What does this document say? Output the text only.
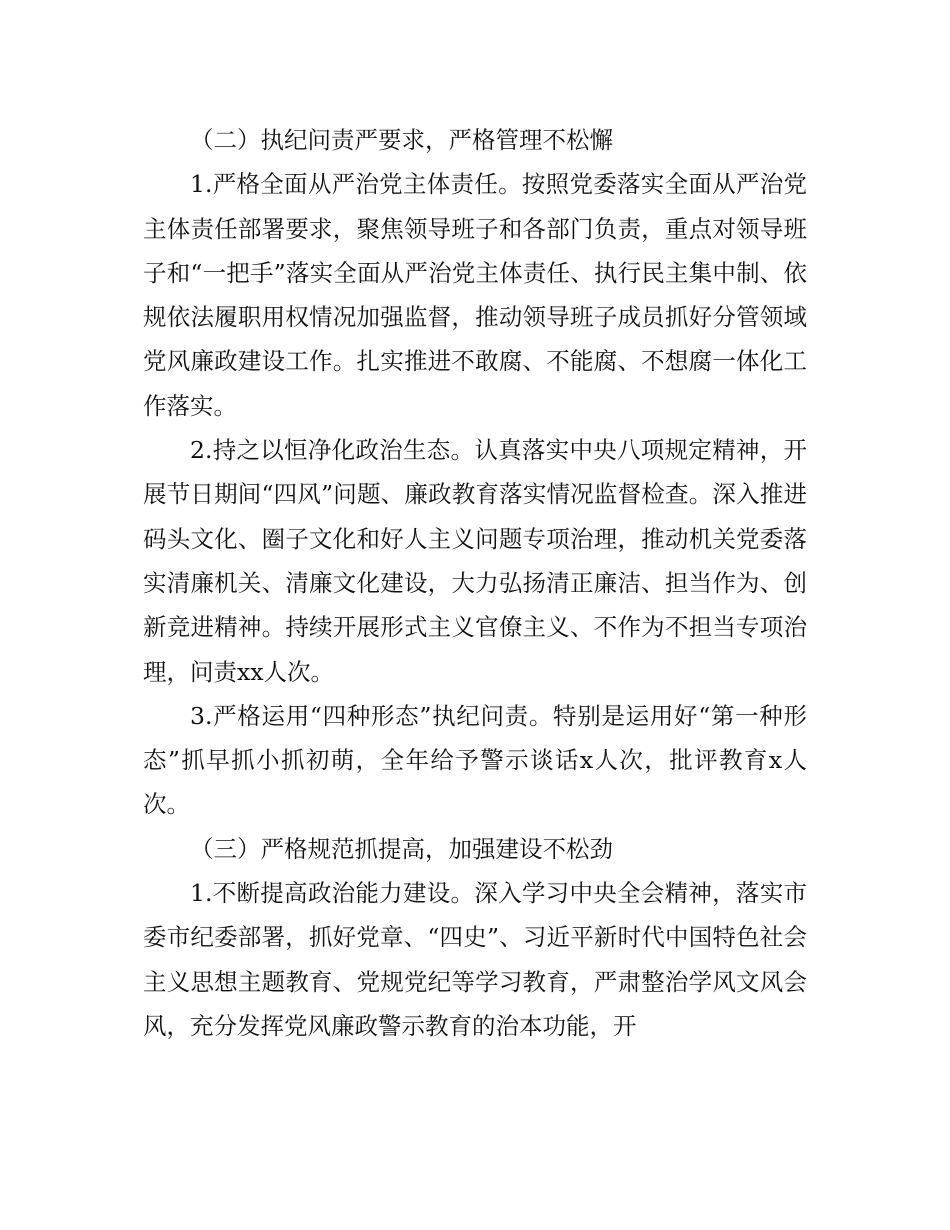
（二）执纪问责严要求，严格管理不松懈

1.严格全面从严治党主体责任。按照党委落实全面从严治党主体责任部署要求，聚焦领导班子和各部门负责，重点对领导班子和“一把手”落实全面从严治党主体责任、执行民主集中制、依规依法履职用权情况加强监督，推动领导班子成员抓好分管领域党风廉政建设工作。扎实推进不敢腐、不能腐、不想腐一体化工作落实。

2.持之以恒净化政治生态。认真落实中央八项规定精神，开展节日期间“四风”问题、廉政教育落实情况监督检查。深入推进码头文化、圈子文化和好人主义问题专项治理，推动机关党委落实清廉机关、清廉文化建设，大力弘扬清正廉洁、担当作为、创新竞进精神。持续开展形式主义官僚主义、不作为不担当专项治理，问责xx人次。

3.严格运用“四种形态”执纪问责。特别是运用好“第一种形态”抓早抓小抓初萌，全年给予警示谈话x人次，批评教育x人次。

（三）严格规范抓提高，加强建设不松劲

1.不断提高政治能力建设。深入学习中央全会精神，落实市委市纪委部署，抓好党章、“四史”、习近平新时代中国特色社会主义思想主题教育、党规党纪等学习教育，严肃整治学风文风会风，充分发挥党风廉政警示教育的治本功能，开
